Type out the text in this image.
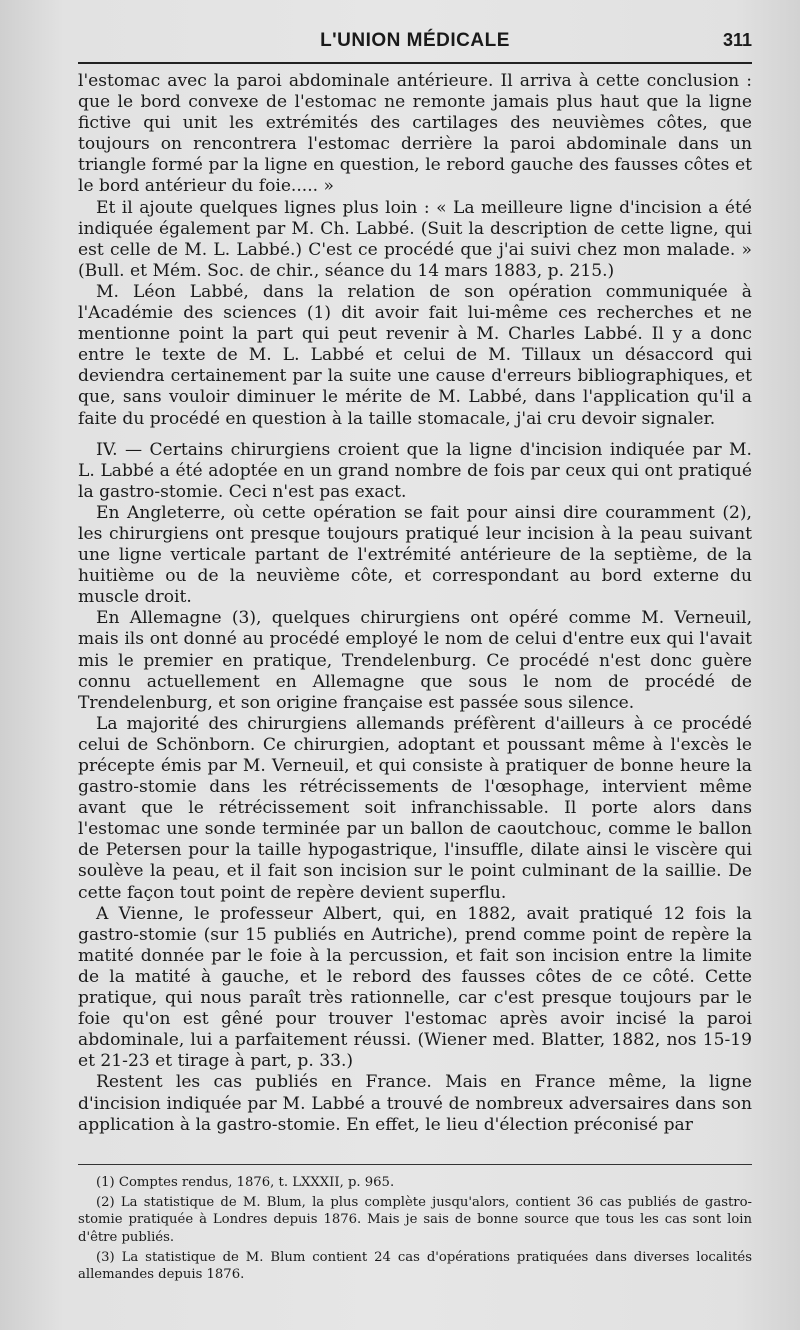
L'UNION MÉDICALE	311

l'estomac avec la paroi abdominale antérieure. Il arriva à cette conclusion : que le bord convexe de l'estomac ne remonte jamais plus haut que la ligne fictive qui unit les extrémités des cartilages des neuvièmes côtes, que toujours on rencontrera l'estomac derrière la paroi abdominale dans un triangle formé par la ligne en question, le rebord gauche des fausses côtes et le bord antérieur du foie..... »

Et il ajoute quelques lignes plus loin : « La meilleure ligne d'incision a été indiquée également par M. Ch. Labbé. (Suit la description de cette ligne, qui est celle de M. L. Labbé.) C'est ce procédé que j'ai suivi chez mon malade. » (Bull. et Mém. Soc. de chir., séance du 14 mars 1883, p. 215.)

M. Léon Labbé, dans la relation de son opération communiquée à l'Académie des sciences (1) dit avoir fait lui-même ces recherches et ne mentionne point la part qui peut revenir à M. Charles Labbé. Il y a donc entre le texte de M. L. Labbé et celui de M. Tillaux un désaccord qui deviendra certainement par la suite une cause d'erreurs bibliographiques, et que, sans vouloir diminuer le mérite de M. Labbé, dans l'application qu'il a faite du procédé en question à la taille stomacale, j'ai cru devoir signaler.

IV. — Certains chirurgiens croient que la ligne d'incision indiquée par M. L. Labbé a été adoptée en un grand nombre de fois par ceux qui ont pratiqué la gastro-stomie. Ceci n'est pas exact.

En Angleterre, où cette opération se fait pour ainsi dire couramment (2), les chirurgiens ont presque toujours pratiqué leur incision à la peau suivant une ligne verticale partant de l'extrémité antérieure de la septième, de la huitième ou de la neuvième côte, et correspondant au bord externe du muscle droit.

En Allemagne (3), quelques chirurgiens ont opéré comme M. Verneuil, mais ils ont donné au procédé employé le nom de celui d'entre eux qui l'avait mis le premier en pratique, Trendelenburg. Ce procédé n'est donc guère connu actuellement en Allemagne que sous le nom de procédé de Trendelenburg, et son origine française est passée sous silence.

La majorité des chirurgiens allemands préfèrent d'ailleurs à ce procédé celui de Schönborn. Ce chirurgien, adoptant et poussant même à l'excès le précepte émis par M. Verneuil, et qui consiste à pratiquer de bonne heure la gastro-stomie dans les rétrécissements de l'œsophage, intervient même avant que le rétrécissement soit infranchissable. Il porte alors dans l'estomac une sonde terminée par un ballon de caoutchouc, comme le ballon de Petersen pour la taille hypogastrique, l'insuffle, dilate ainsi le viscère qui soulève la peau, et il fait son incision sur le point culminant de la saillie. De cette façon tout point de repère devient superflu.

A Vienne, le professeur Albert, qui, en 1882, avait pratiqué 12 fois la gastro-stomie (sur 15 publiés en Autriche), prend comme point de repère la matité donnée par le foie à la percussion, et fait son incision entre la limite de la matité à gauche, et le rebord des fausses côtes de ce côté. Cette pratique, qui nous paraît très rationnelle, car c'est presque toujours par le foie qu'on est gêné pour trouver l'estomac après avoir incisé la paroi abdominale, lui a parfaitement réussi. (Wiener med. Blatter, 1882, nos 15-19 et 21-23 et tirage à part, p. 33.)

Restent les cas publiés en France. Mais en France même, la ligne d'incision indiquée par M. Labbé a trouvé de nombreux adversaires dans son application à la gastro-stomie. En effet, le lieu d'élection préconisé par

(1) Comptes rendus, 1876, t. LXXXII, p. 965.

(2) La statistique de M. Blum, la plus complète jusqu'alors, contient 36 cas publiés de gastro-stomie pratiquée à Londres depuis 1876. Mais je sais de bonne source que tous les cas sont loin d'être publiés.

(3) La statistique de M. Blum contient 24 cas d'opérations pratiquées dans diverses localités allemandes depuis 1876.
